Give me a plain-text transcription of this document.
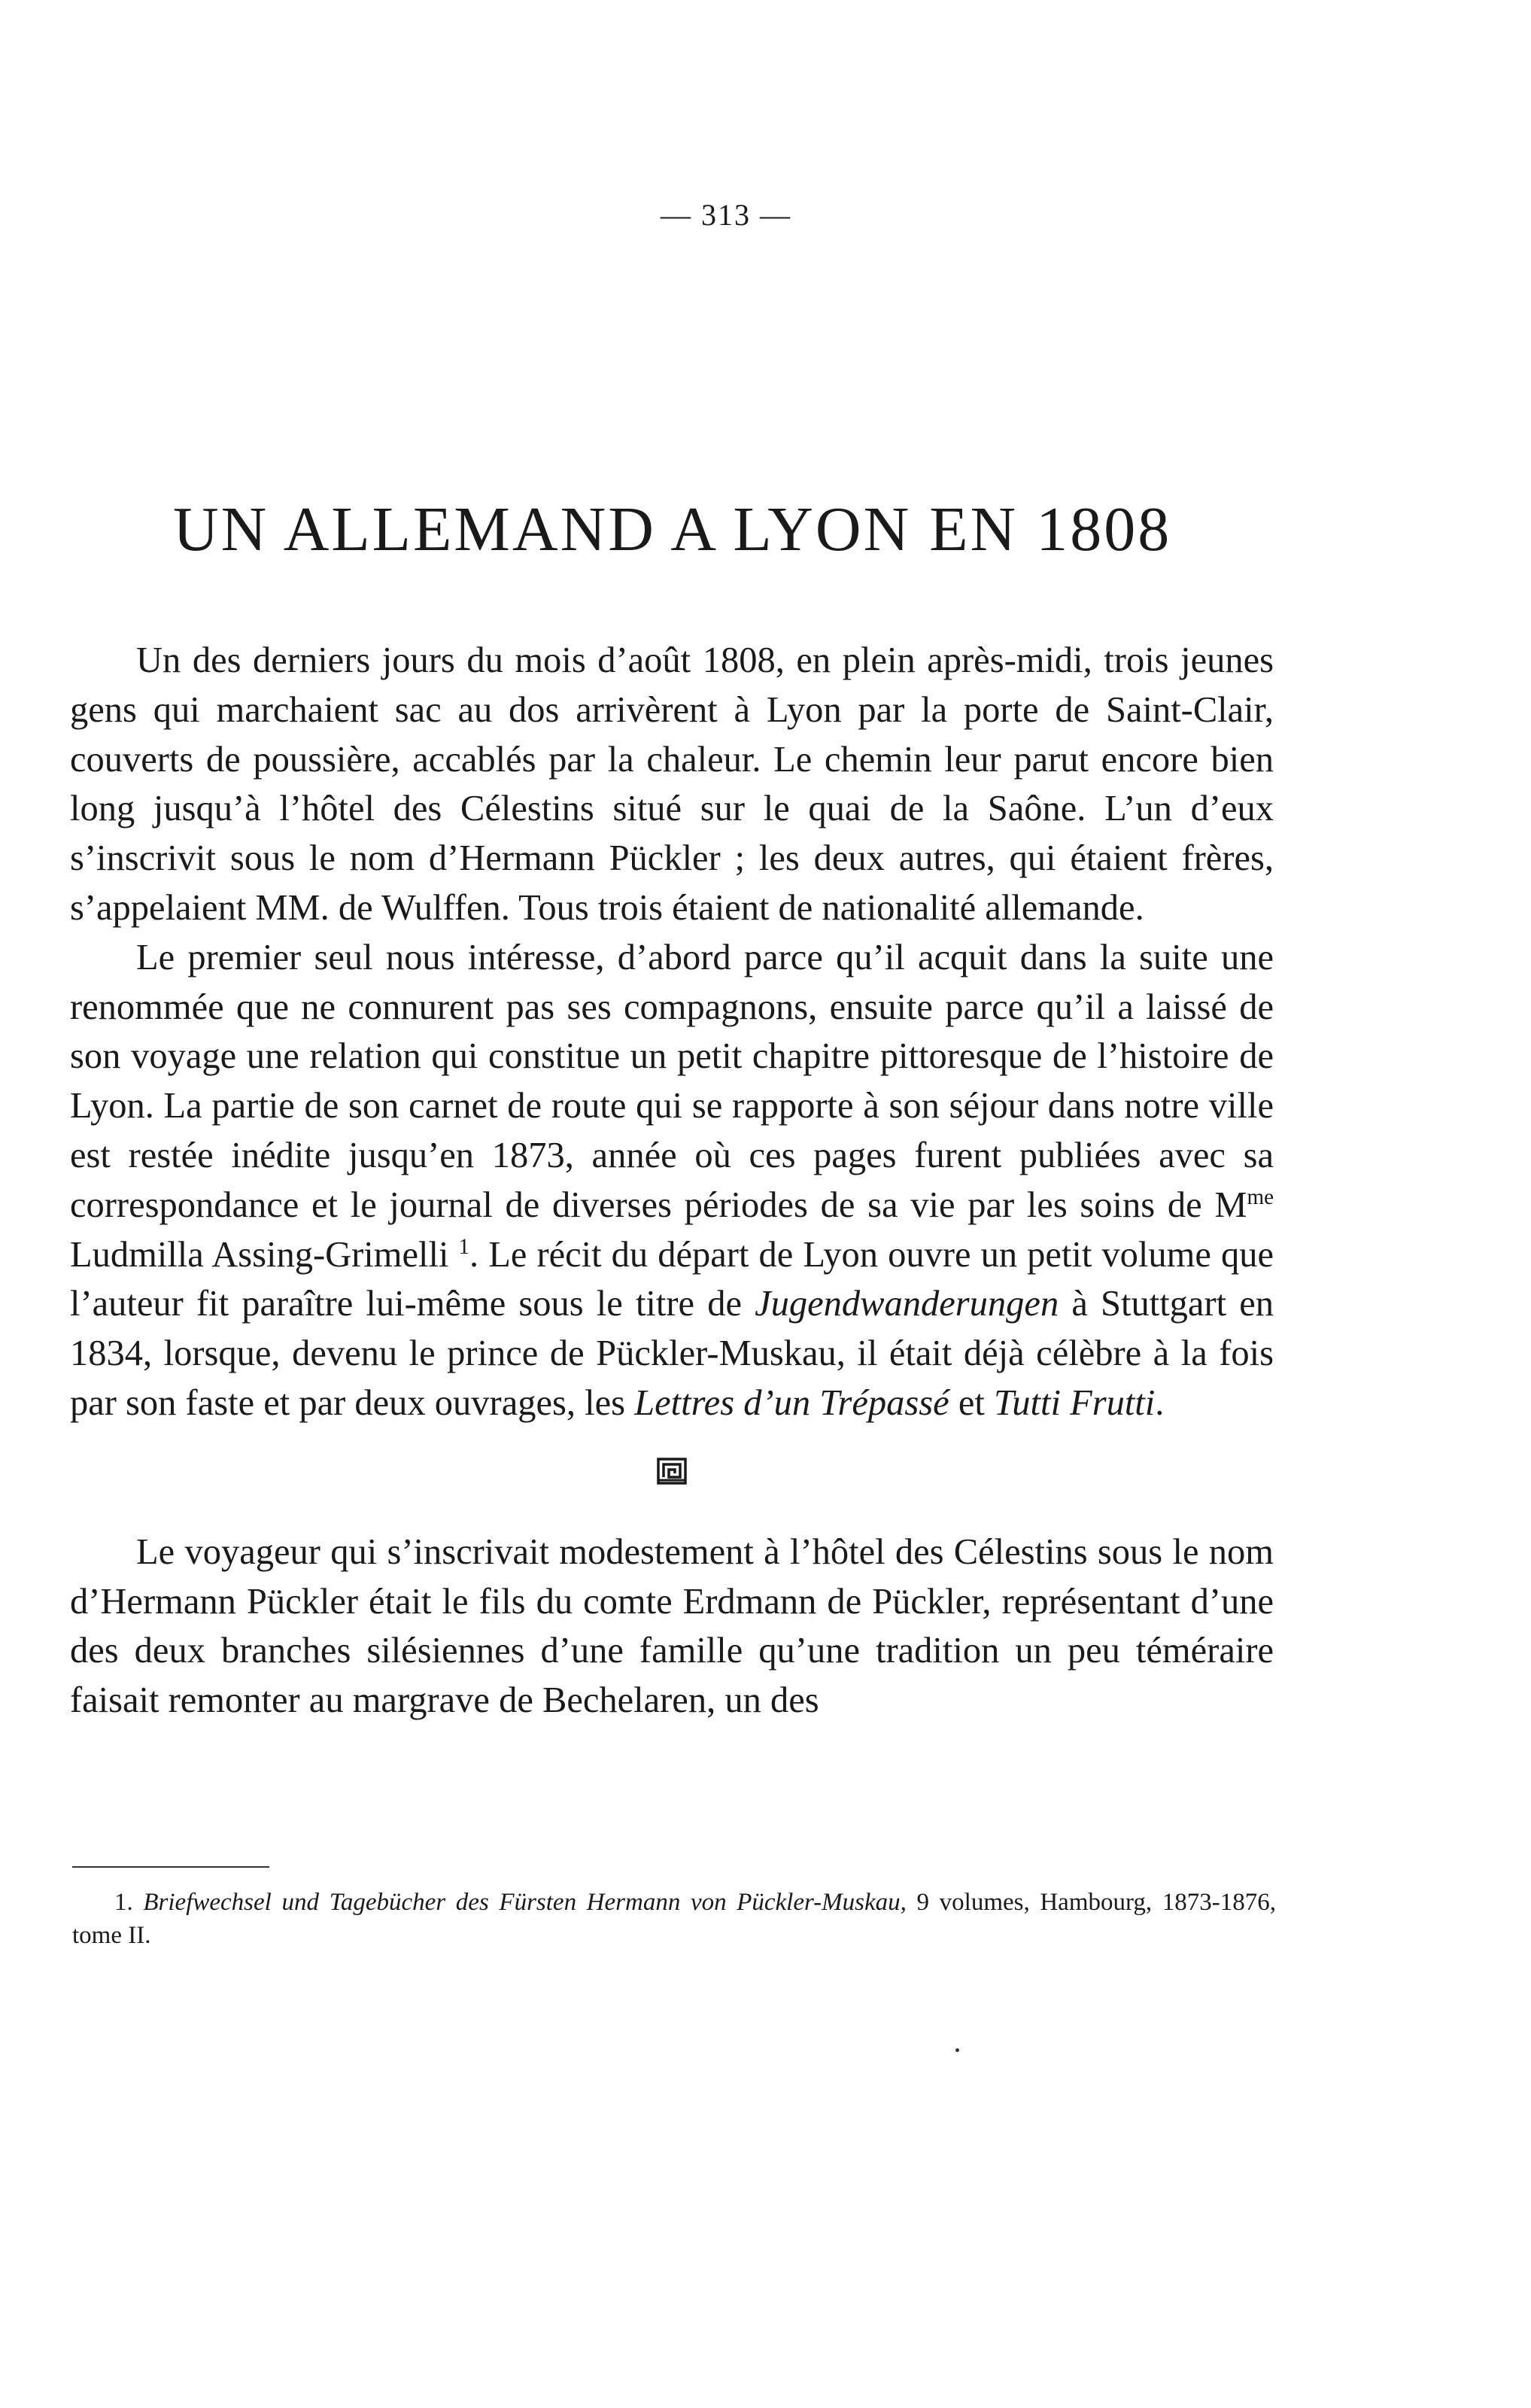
— 313 —
UN ALLEMAND A LYON EN 1808

Un des derniers jours du mois d’août 1808, en plein après-midi, trois jeunes gens qui marchaient sac au dos arrivèrent à Lyon par la porte de Saint-Clair, couverts de poussière, accablés par la chaleur. Le chemin leur parut encore bien long jusqu’à l’hôtel des Célestins situé sur le quai de la Saône. L’un d’eux s’inscrivit sous le nom d’Hermann Pückler ; les deux autres, qui étaient frères, s’appelaient MM. de Wulffen. Tous trois étaient de nationalité allemande.

Le premier seul nous intéresse, d’abord parce qu’il acquit dans la suite une renommée que ne connurent pas ses compagnons, ensuite parce qu’il a laissé de son voyage une relation qui constitue un petit chapitre pittoresque de l’histoire de Lyon. La partie de son carnet de route qui se rapporte à son séjour dans notre ville est restée inédite jusqu’en 1873, année où ces pages furent publiées avec sa correspondance et le journal de diverses périodes de sa vie par les soins de $M^{me}$ Ludmilla Assing-Grimelli $^1$. Le récit du départ de Lyon ouvre un petit volume que l’auteur fit paraître lui-même sous le titre de Jugendwanderungen à Stuttgart en 1834, lorsque, devenu le prince de Pückler-Muskau, il était déjà célèbre à la fois par son faste et par deux ouvrages, les Lettres d’un Trépassé et Tutti Frutti.

Le voyageur qui s’inscrivait modestement à l’hôtel des Célestins sous le nom d’Hermann Pückler était le fils du comte Erdmann de Pückler, représentant d’une des deux branches silésiennes d’une famille qu’une tradition un peu téméraire faisait remonter au margrave de Bechelaren, un des

1. Briefwechsel und Tagebücher des Fürsten Hermann von Pückler-Muskau, 9 volumes, Hambourg, 1873-1876, tome II.
